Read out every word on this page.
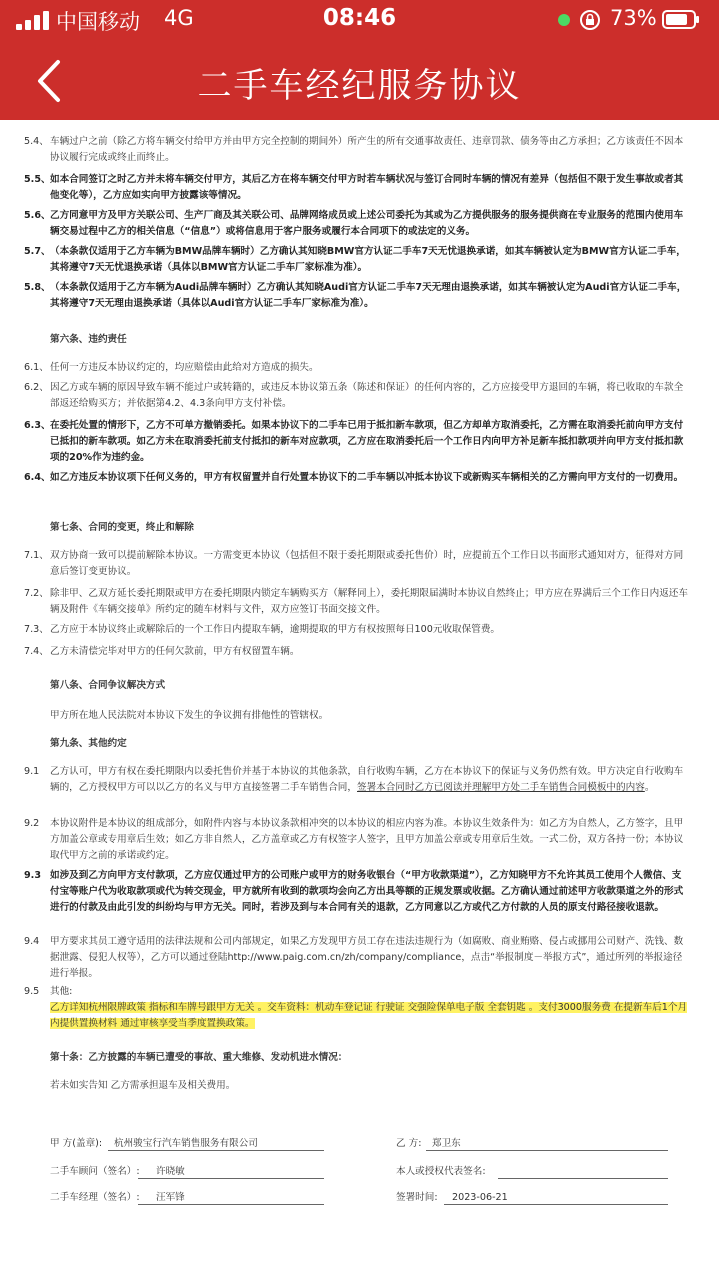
中国移动 4G	08:46	73%
二手车经纪服务协议
5.4、 车辆过户之前（除乙方将车辆交付给甲方并由甲方完全控制的期间外）所产生的所有交通事故责任、违章罚款、债务等由乙方承担；乙方该责任不因本协议履行完成或终止而终止。
5.5、 如本合同签订之时乙方并未将车辆交付甲方，其后乙方在将车辆交付甲方时若车辆状况与签订合同时车辆的情况有差异（包括但不限于发生事故或者其他变化等），乙方应如实向甲方披露该等情况。
5.6、 乙方同意甲方及甲方关联公司、生产厂商及其关联公司、品牌网络成员或上述公司委托为其或为乙方提供服务的服务提供商在专业服务的范围内使用车辆交易过程中乙方的相关信息（“信息”）或将信息用于客户服务或履行本合同项下的或法定的义务。
5.7、 （本条款仅适用于乙方车辆为BMW品牌车辆时）乙方确认其知晓BMW官方认证二手车7天无忧退换承诺，如其车辆被认定为BMW官方认证二手车，其将遵守7天无忧退换承诺（具体以BMW官方认证二手车厂家标准为准）。
5.8、 （本条款仅适用于乙方车辆为Audi品牌车辆时）乙方确认其知晓Audi官方认证二手车7天无理由退换承诺，如其车辆被认定为Audi官方认证二手车，其将遵守7天无理由退换承诺（具体以Audi官方认证二手车厂家标准为准）。
第六条、违约责任
6.1、 任何一方违反本协议约定的，均应赔偿由此给对方造成的损失。
6.2、 因乙方或车辆的原因导致车辆不能过户或转籍的，或违反本协议第五条（陈述和保证）的任何内容的，乙方应接受甲方退回的车辆，将已收取的车款全部返还给购买方；并依据第4.2、4.3条向甲方支付补偿。
6.3、 在委托处置的情形下，乙方不可单方撤销委托。如果本协议下的二手车已用于抵扣新车款项，但乙方却单方取消委托，乙方需在取消委托前向甲方支付已抵扣的新车款项。如乙方未在取消委托前支付抵扣的新车对应款项，乙方应在取消委托后一个工作日内向甲方补足新车抵扣款项并向甲方支付抵扣款项的20%作为违约金。
6.4、 如乙方违反本协议项下任何义务的，甲方有权留置并自行处置本协议下的二手车辆以冲抵本协议下或新购买车辆相关的乙方需向甲方支付的一切费用。
第七条、合同的变更，终止和解除
7.1、 双方协商一致可以提前解除本协议。一方需变更本协议（包括但不限于委托期限或委托售价）时，应提前五个工作日以书面形式通知对方，征得对方同意后签订变更协议。
7.2、 除非甲、乙双方延长委托期限或甲方在委托期限内锁定车辆购买方（解释同上），委托期限届满时本协议自然终止；甲方应在界满后三个工作日内返还车辆及附件《车辆交接单》所约定的随车材料与文件，双方应签订书面交接文件。
7.3、 乙方应于本协议终止或解除后的一个工作日内提取车辆，逾期提取的甲方有权按照每日100元收取保管费。
7.4、 乙方未清偿完毕对甲方的任何欠款前，甲方有权留置车辆。
第八条、合同争议解决方式
甲方所在地人民法院对本协议下发生的争议拥有排他性的管辖权。
第九条、其他约定
9.1 乙方认可，甲方有权在委托期限内以委托售价并基于本协议的其他条款，自行收购车辆，乙方在本协议下的保证与义务仍然有效。甲方决定自行收购车辆的，乙方授权甲方可以以乙方的名义与甲方直接签署二手车销售合同，签署本合同时乙方已阅读并理解甲方处二手车销售合同模板中的内容。
9.2 本协议附件是本协议的组成部分，如附件内容与本协议条款相冲突的以本协议的相应内容为准。本协议生效条件为：如乙方为自然人，乙方签字，且甲方加盖公章或专用章后生效；如乙方非自然人，乙方盖章或乙方有权签字人签字，且甲方加盖公章或专用章后生效。一式二份，双方各持一份；本协议取代甲方之前的承诺或约定。
9.3 如涉及到乙方向甲方支付款项，乙方应仅通过甲方的公司账户或甲方的财务收银台（“甲方收款渠道”），乙方知晓甲方不允许其员工使用个人微信、支付宝等账户代为收取款项或代为转交现金，甲方就所有收到的款项均会向乙方出具等额的正规发票或收据。乙方确认通过前述甲方收款渠道之外的形式进行的付款及由此引发的纠纷均与甲方无关。同时，若涉及到与本合同有关的退款，乙方同意以乙方或代乙方付款的人员的原支付路径接收退款。
9.4 甲方要求其员工遵守适用的法律法规和公司内部规定，如果乙方发现甲方员工存在违法违规行为（如腐败、商业贿赂、侵占或挪用公司财产、洗钱、数据泄露、侵犯人权等），乙方可以通过登陆http://www.paig.com.cn/zh/company/compliance，点击“举报制度－举报方式”，通过所列的举报途径进行举报。
9.5 其他:
乙方详知杭州限牌政策 指标和车牌号跟甲方无关 。交车资料：机动车登记证 行驶证 交强险保单电子版 全套钥匙 。支付3000服务费 在提新车后1个月内提供置换材料 通过审核享受当季度置换政策。
第十条：乙方披露的车辆已遭受的事故、重大维修、发动机进水情况：
若未如实告知 乙方需承担退车及相关费用。
甲 方(盖章): 杭州骏宝行汽车销售服务有限公司	乙 方: 郑卫东
二手车顾问（签名）: 许晓敏	本人或授权代表签名:
二手车经理（签名）: 汪军锋	签署时间: 2023-06-21
